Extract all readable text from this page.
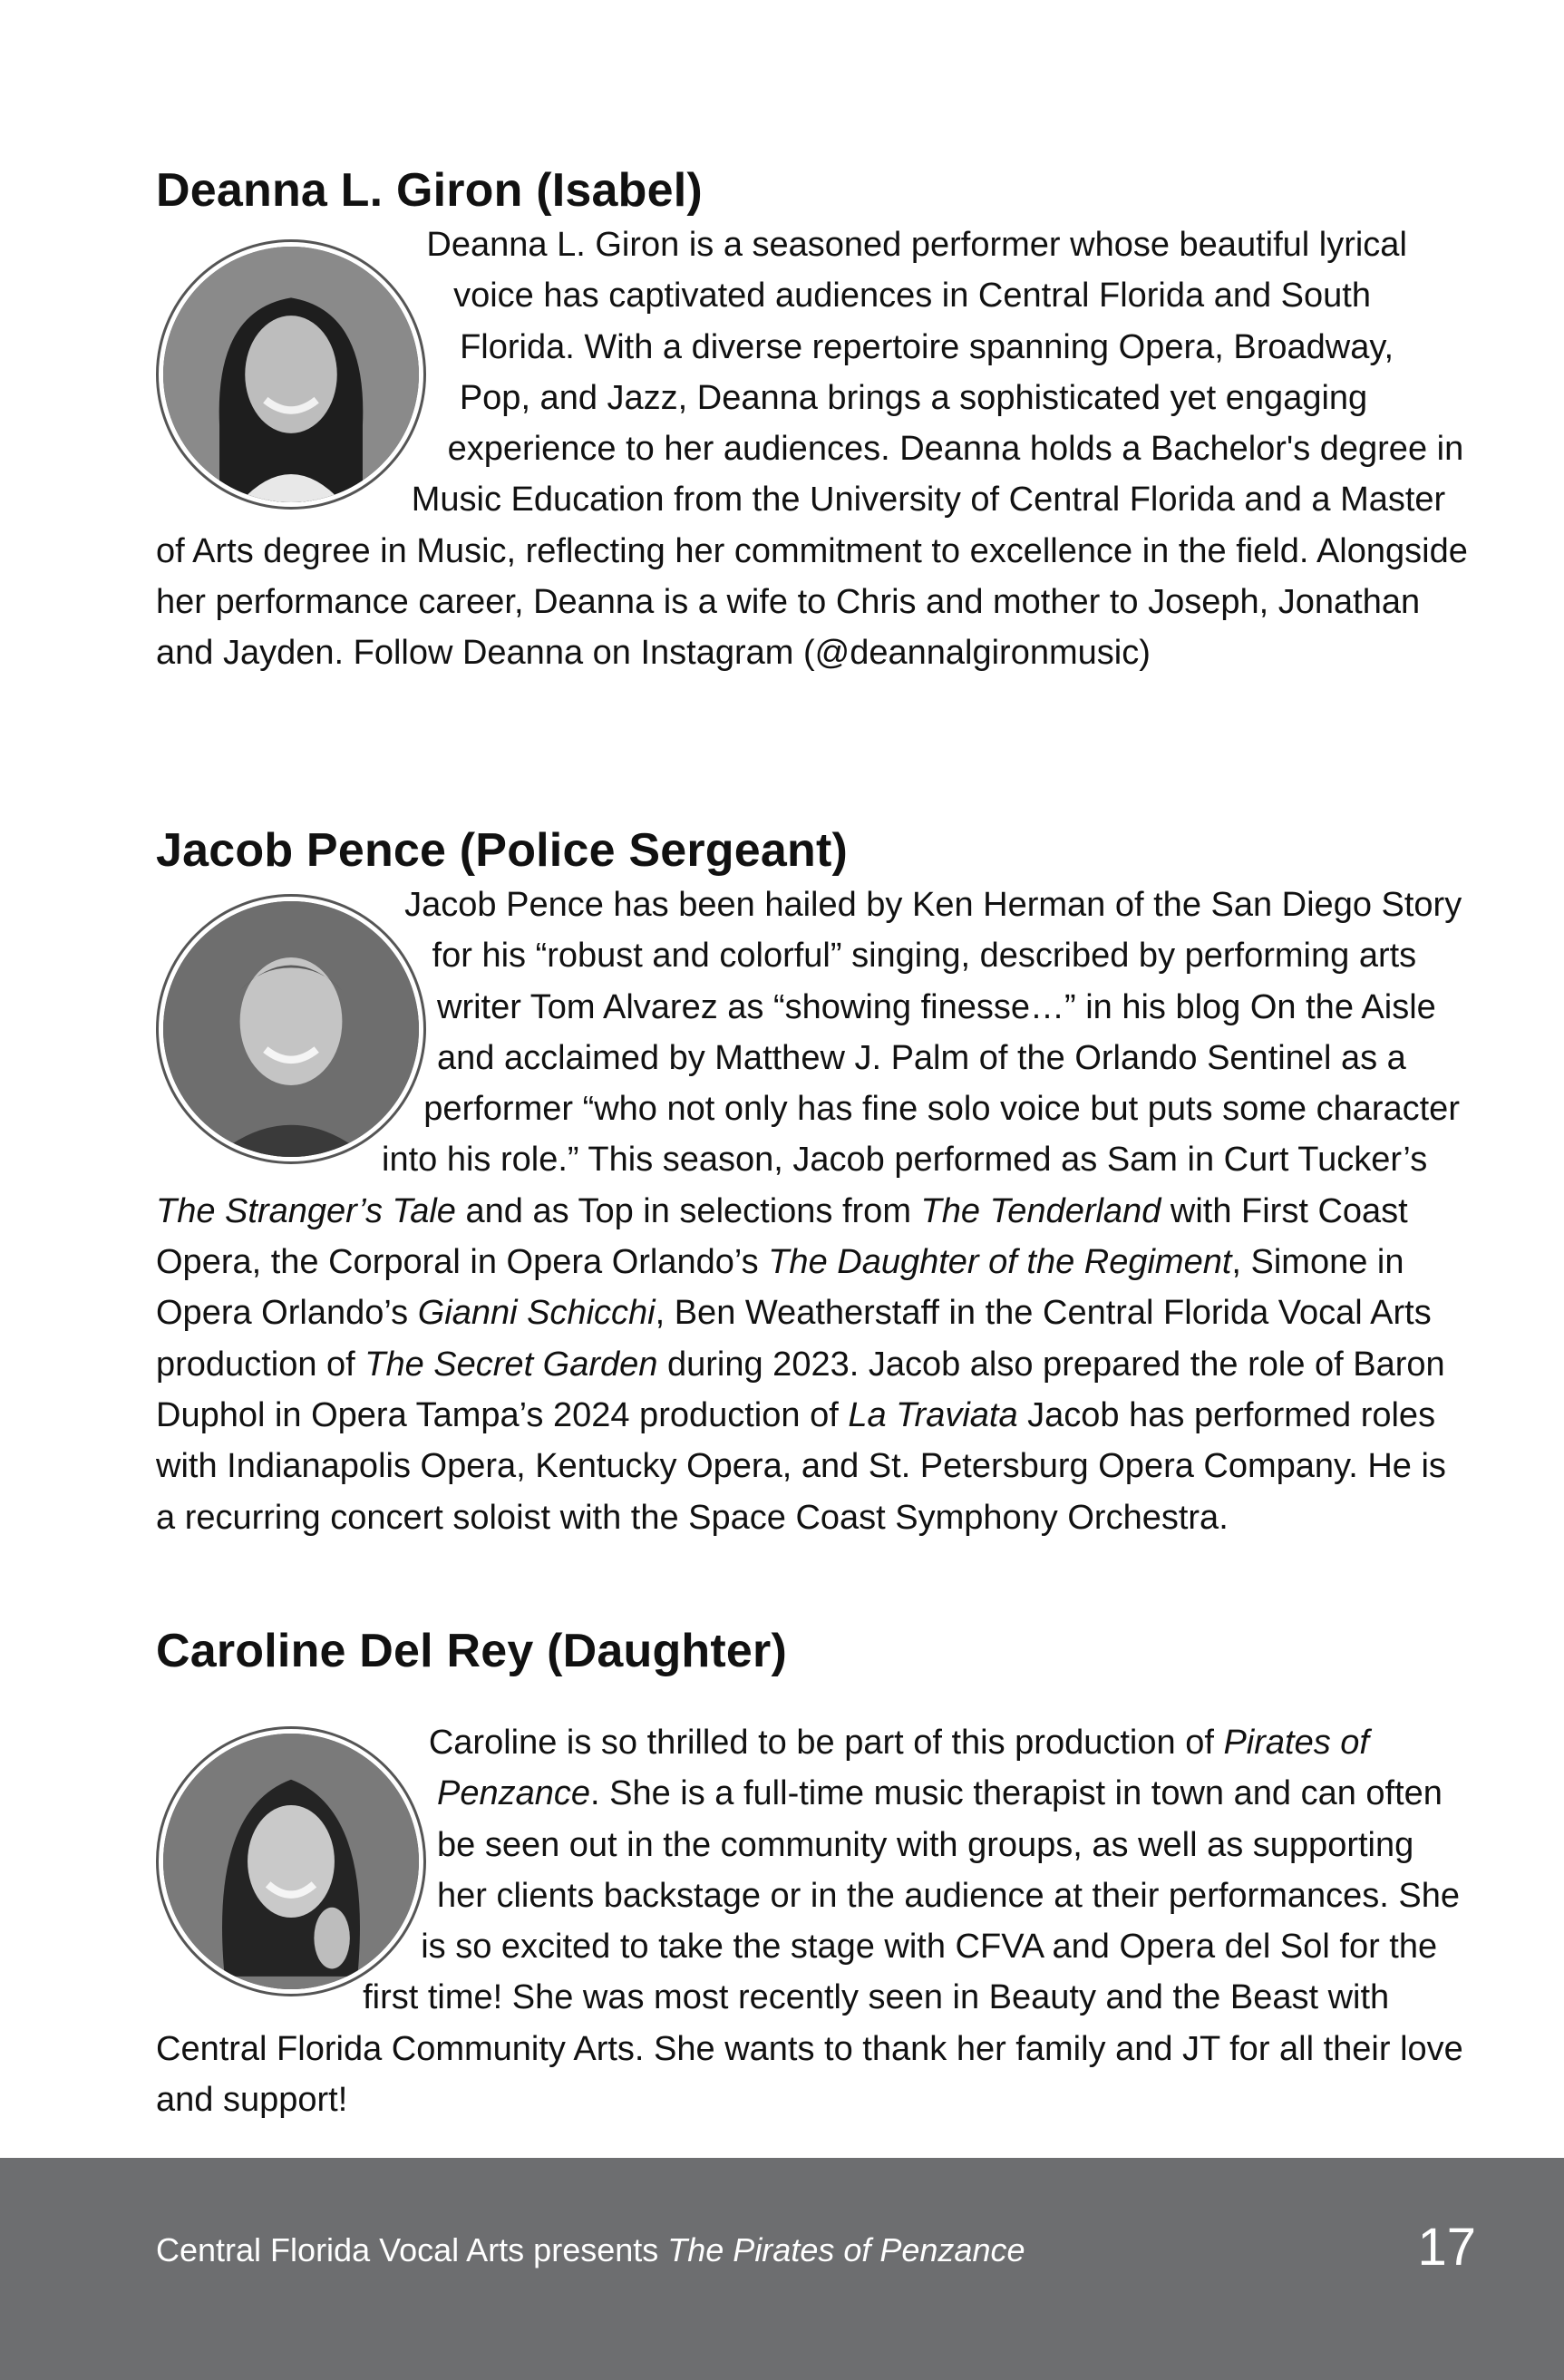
Deanna L. Giron (Isabel)

Deanna L. Giron is a seasoned performer whose beautiful lyrical voice has captivated audiences in Central Florida and South Florida. With a diverse repertoire spanning Opera, Broadway, Pop, and Jazz, Deanna brings a sophisticated yet engaging experience to her audiences. Deanna holds a Bachelor's degree in Music Education from the University of Central Florida and a Master of Arts degree in Music, reflecting her commitment to excellence in the field. Alongside her performance career, Deanna is a wife to Chris and mother to Joseph, Jonathan and Jayden. Follow Deanna on Instagram (@deannalgironmusic)

Jacob Pence (Police Sergeant)

Jacob Pence has been hailed by Ken Herman of the San Diego Story for his “robust and colorful” singing, described by performing arts writer Tom Alvarez as “showing finesse…” in his blog On the Aisle and acclaimed by Matthew J. Palm of the Orlando Sentinel as a performer “who not only has fine solo voice but puts some character into his role.” This season, Jacob performed as Sam in Curt Tucker’s The Stranger’s Tale and as Top in selections from The Tenderland with First Coast Opera, the Corporal in Opera Orlando’s The Daughter of the Regiment, Simone in Opera Orlando’s Gianni Schicchi, Ben Weatherstaff in the Central Florida Vocal Arts production of The Secret Garden during 2023. Jacob also prepared the role of Baron Duphol in Opera Tampa’s 2024 production of La Traviata Jacob has performed roles with Indianapolis Opera, Kentucky Opera, and St. Petersburg Opera Company. He is a recurring concert soloist with the Space Coast Symphony Orchestra.

Caroline Del Rey (Daughter)

Caroline is so thrilled to be part of this production of Pirates of Penzance. She is a full-time music therapist in town and can often be seen out in the community with groups, as well as supporting her clients backstage or in the audience at their performances. She is so excited to take the stage with CFVA and Opera del Sol for the first time! She was most recently seen in Beauty and the Beast with Central Florida Community Arts. She wants to thank her family and JT for all their love and support!

Central Florida Vocal Arts presents The Pirates of Penzance	17
